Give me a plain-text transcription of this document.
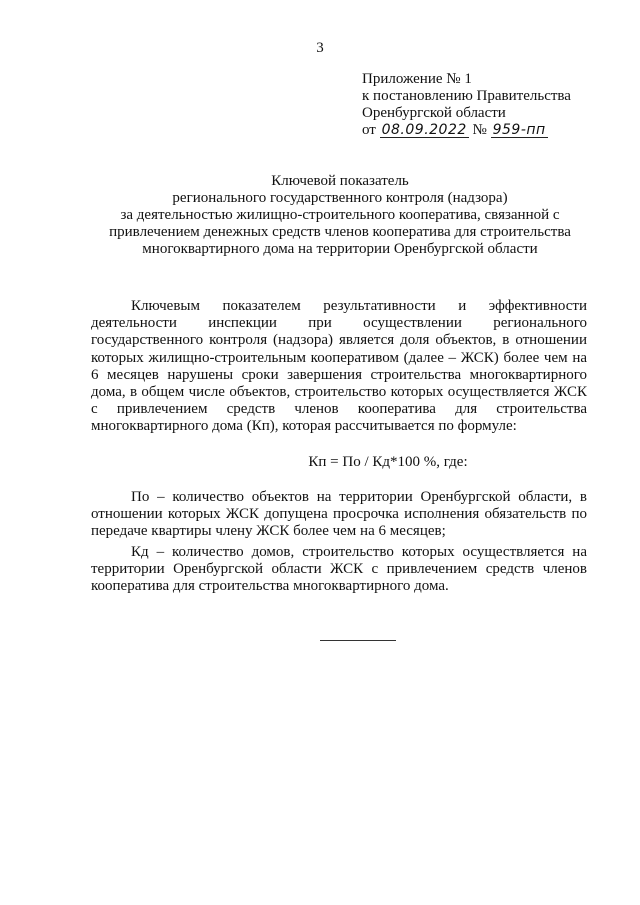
3
Приложение № 1
к постановлению Правительства
Оренбургской области
от 08.09.2022 № 959-пп
Ключевой показатель
регионального государственного контроля (надзора)
за деятельностью жилищно-строительного кооператива, связанной с
привлечением денежных средств членов кооператива для строительства
многоквартирного дома на территории Оренбургской области

Ключевым показателем результативности и эффективности деятельности инспекции при осуществлении регионального государственного контроля (надзора) является доля объектов, в отношении которых жилищно-строительным кооперативом (далее – ЖСК) более чем на 6 месяцев нарушены сроки завершения строительства многоквартирного дома, в общем числе объектов, строительство которых осуществляется ЖСК с привлечением средств членов кооператива для строительства многоквартирного дома (Кп), которая рассчитывается по формуле:

Кп = По / Кд*100 %, где:

По – количество объектов на территории Оренбургской области, в отношении которых ЖСК допущена просрочка исполнения обязательств по передаче квартиры члену ЖСК более чем на 6 месяцев;

Кд – количество домов, строительство которых осуществляется на территории Оренбургской области ЖСК с привлечением средств членов кооператива для строительства многоквартирного дома.
